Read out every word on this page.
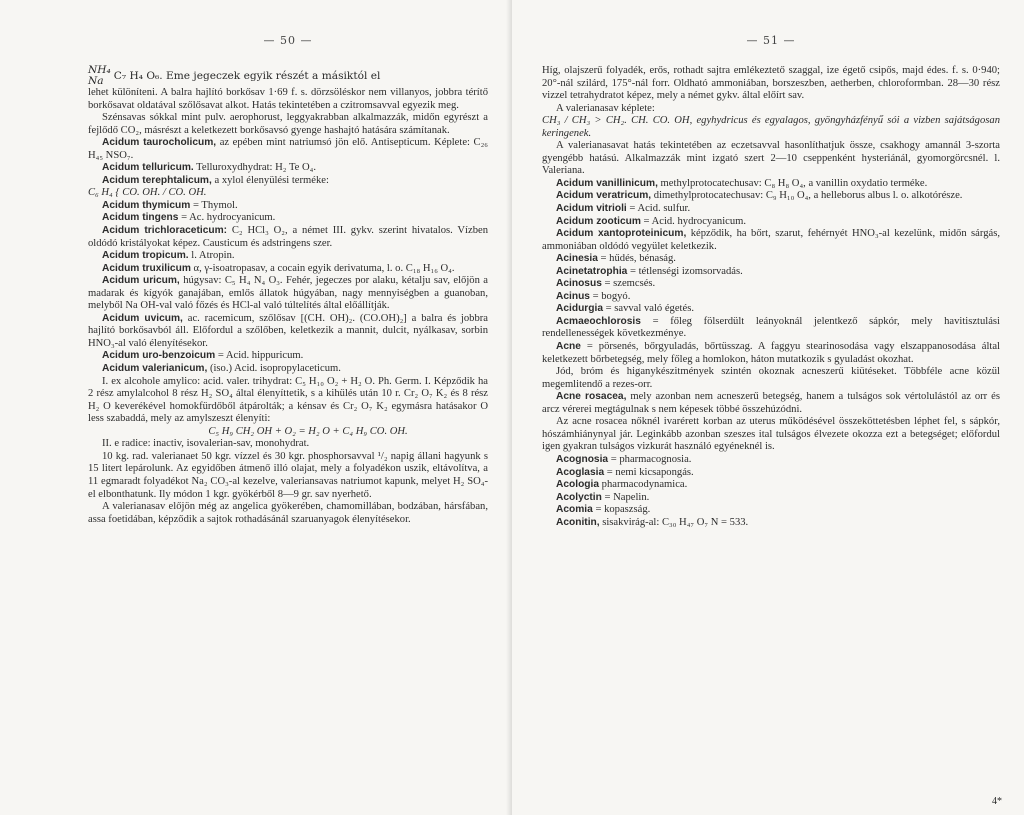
— 50 —
NH₄
Na C₇ H₄ O₆. Eme jegeczek egyik részét a másiktól el

lehet különíteni. A balra hajlító borkősav 1·69 f. s. dörzsöléskor nem villanyos, jobbra térítő borkősavat oldatával szőlősavat alkot. Hatás tekintetében a czitromsavval egyezik meg.

Szénsavas sókkal mint pulv. aerophorust, leggyakrabban alkalmazzák, midőn egyrészt a fejlődő CO₂, másrészt a keletkezett borkősavsó gyenge hashajtó hatására számítanak.

Acidum taurocholicum, az epében mint natriumsó jön elő. Antisepticum. Képlete: C₂₆ H₄₅ NSO₇.

Acidum telluricum. Telluroxydhydrat: H₂ Te O₄.

Acidum terephtalicum, a xylol élenyülési terméke:

C₆ H₄ { CO. OH. / CO. OH.

Acidum thymicum = Thymol.

Acidum tingens = Ac. hydrocyanicum.

Acidum trichloraceticum: C₂ HCl₃ O₂, a német III. gykv. szerint hivatalos. Vízben oldódó kristályokat képez. Causticum és adstringens szer.

Acidum tropicum. l. Atropin.

Acidum truxilicum α, γ-isoatropasav, a cocain egyik derivatuma, l. o. C₁₈ H₁₆ O₄.

Acidum uricum, húgysav: C₅ H₄ N₄ O₃. Fehér, jegeczes por alaku, kétalju sav, előjön a madarak és kígyók ganajában, emlős állatok húgyában, nagy mennyiségben a guanoban, melyből Na OH-val való főzés és HCl-al való túltelítés által előállítják.

Acidum uvicum, ac. racemicum, szőlősav [(CH. OH)₂. (CO.OH)₂] a balra és jobbra hajlító borkősavból áll. Előfordul a szőlőben, keletkezik a mannit, dulcit, nyálkasav, sorbin HNO₃-al való élenyítésekor.

Acidum uro-benzoicum = Acid. hippuricum.

Acidum valerianicum, (iso.) Acid. isopropylaceticum.

I. ex alcohole amylico: acid. valer. trihydrat: C₅ H₁₀ O₂ + H₂ O. Ph. Germ. I. Képződik ha 2 rész amylalcohol 8 rész H₂ SO₄ által élenyíttetik, s a kihülés után 10 r. Cr₂ O₇ K₂ és 8 rész H₂ O keverékével homokfürdőből átpárolták; a kénsav és Cr₂ O₇ K₂ egymásra hatásakor O less szabaddá, mely az amylszeszt élenyíti:

C₅ H₉ CH₂ OH + O₂ = H₂ O + C₄ H₉ CO. OH.

II. e radice: inactiv, isovalerian-sav, monohydrat.

10 kg. rad. valerianaet 50 kgr. vízzel és 30 kgr. phosphorsavval ¹/₂ napig állani hagyunk s 15 litert lepárolunk. Az egyidőben átmenő illó olajat, mely a folyadékon uszik, eltávolítva, a 11 egmaradt folyadékot Na₂ CO₃-al kezelve, valeriansavas natriumot kapunk, melyet H₂ SO₄-el elbonthatunk. Ily módon 1 kgr. gyökérből 8—9 gr. sav nyerhető.

A valerianasav előjön még az angelica gyökerében, chamomillában, bodzában, hársfában, assa foetidában, képződik a sajtok rothadásánál szaruanyagok élenyítésekor.

— 51 —

Híg, olajszerű folyadék, erős, rothadt sajtra emlékeztető szaggal, ize égető csipős, majd édes. f. s. 0·940; 20°-nál szilárd, 175°-nál forr. Oldható ammoniában, borszeszben, aetherben, chloroformban. 28—30 rész vizzel tetrahydratot képez, mely a német gykv. által előírt sav.

A valerianasav képlete:

CH₃ / CH₃ > CH₂. CH. CO. OH, egyhydricus és egyalagos, gyöngyházfényű sói a vizben sajátságosan keringenek.

A valerianasavat hatás tekintetében az eczetsavval hasonlíthatjuk össze, csakhogy amannál 3-szorta gyengébb hatású. Alkalmazzák mint izgató szert 2—10 cseppenként hysteriánál, gyomorgörcsnél. l. Valeriana.

Acidum vanillinicum, methylprotocatechusav: C₈ H₈ O₄, a vanillin oxydatio terméke.

Acidum veratricum, dimethylprotocatechusav: C₉ H₁₀ O₄, a helleborus albus l. o. alkotórésze.

Acidum vitrioli = Acid. sulfur.

Acidum zooticum = Acid. hydrocyanicum.

Acidum xantoproteinicum, képződik, ha bőrt, szarut, fehérnyét HNO₃-al kezelünk, midőn sárgás, ammoniában oldódó vegyület keletkezik.

Acinesia = hűdés, bénaság.

Acinetatrophia = tétlenségi izomsorvadás.

Acinosus = szemcsés.

Acinus = bogyó.

Acidurgia = savval való égetés.

Acmaeochlorosis = főleg fölserdült leányoknál jelentkező sápkór, mely havitisztulási rendellenességek következménye.

Acne = pörsenés, bőrgyuladás, bőrtüsszag. A faggyu stearinosodása vagy elszappanosodása által keletkezett bőrbetegség, mely főleg a homlokon, háton mutatkozik s gyuladást okozhat.

Jód, bróm és higanykészitmények szintén okoznak acneszerű kiütéseket. Többféle acne közül megemlitendő a rezes-orr.

Acne rosacea, mely azonban nem acneszerű betegség, hanem a tulságos sok vértolulástól az orr és arcz vérerei megtágulnak s nem képesek többé összehúzódni.

Az acne rosacea nőknél ivarérett korban az uterus működésével összeköttetésben léphet fel, s sápkór, hószámhiánynyal jár. Leginkább azonban szeszes ital tulságos élvezete okozza ezt a betegséget; előfordul igen gyakran tulságos vizkurát használó egyéneknél is.

Acognosia = pharmacognosia.

Acoglasia = nemi kicsapongás.

Acologia pharmacodynamica.

Acolyctin = Napelin.

Acomia = kopaszság.

Aconitin, sisakvirág-al: C₃₀ H₄₇ O₇ N = 533.

4*
